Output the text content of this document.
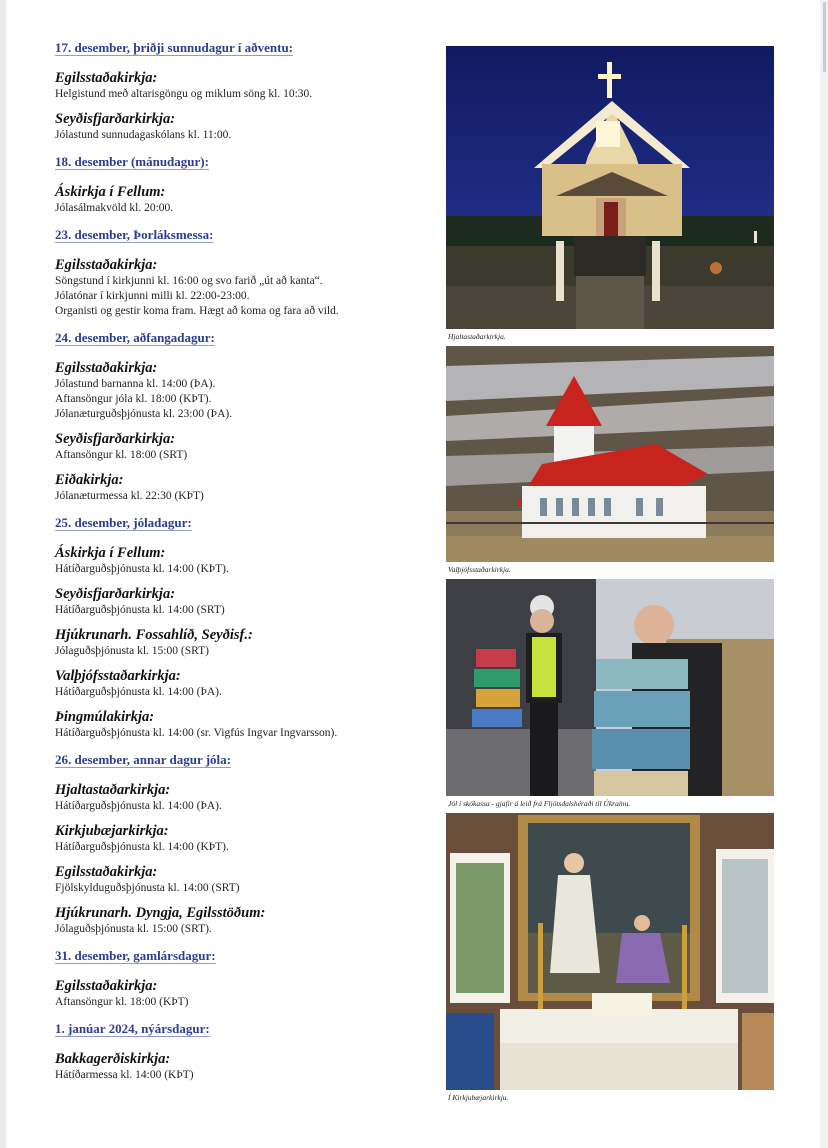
17. desember, þriðji sunnudagur í aðventu:
Egilsstaðakirkja:
Helgistund með altarisgöngu og miklum söng kl. 10:30.
Seyðisfjarðarkirkja:
Jólastund sunnudagaskólans kl. 11:00.
18. desember (mánudagur):
Áskirkja í Fellum:
Jólasálmakvöld kl. 20:00.
23. desember, Þorláksmessa:
Egilsstaðakirkja:
Söngstund í kirkjunni kl. 16:00 og svo farið „út að kanta“.
Jólatónar í kirkjunni milli kl. 22:00-23:00.
Organisti og gestir koma fram. Hægt að koma og fara að vild.
24. desember, aðfangadagur:
Egilsstaðakirkja:
Jólastund barnanna kl. 14:00 (ÞA).
Aftansöngur jóla kl. 18:00 (KÞT).
Jólanæturguðsþjónusta kl. 23:00 (ÞA).
Seyðisfjarðarkirkja:
Aftansöngur kl. 18:00 (SRT)
Eiðakirkja:
Jólanæturmessa kl. 22:30 (KÞT)
25. desember, jóladagur:
Áskirkja í Fellum:
Hátíðarguðsþjónusta kl. 14:00 (KÞT).
Seyðisfjarðarkirkja:
Hátíðarguðsþjónusta kl. 14:00 (SRT)
Hjúkrunarh. Fossahlíð, Seyðisf.:
Jólaguðsþjónusta kl. 15:00 (SRT)
Valþjófsstaðarkirkja:
Hátíðarguðsþjónusta kl. 14:00 (ÞA).
Þingmúlakirkja:
Hátíðarguðsþjónusta kl. 14:00 (sr. Vigfús Ingvar Ingvarsson).
26. desember, annar dagur jóla:
Hjaltastaðarkirkja:
Hátíðarguðsþjónusta kl. 14:00 (ÞA).
Kirkjubæjarkirkja:
Hátíðarguðsþjónusta kl. 14:00 (KÞT).
Egilsstaðakirkja:
Fjölskylduguðsþjónusta kl. 14:00 (SRT)
Hjúkrunarh. Dyngja, Egilsstöðum:
Jólaguðsþjónusta kl. 15:00 (SRT).
31. desember, gamlársdagur:
Egilsstaðakirkja:
Aftansöngur kl. 18:00 (KÞT)
1. janúar 2024, nýársdagur:
Bakkagerðiskirkja:
Hátíðarmessa kl. 14:00 (KÞT)
Hjaltastaðarkirkja.
Valþjófsstaðarkirkja.
Jól í skókassa - gjafir á leið frá Fljótsdalshéraði til Úkraínu.
Í Kirkjubæjarkirkju.
